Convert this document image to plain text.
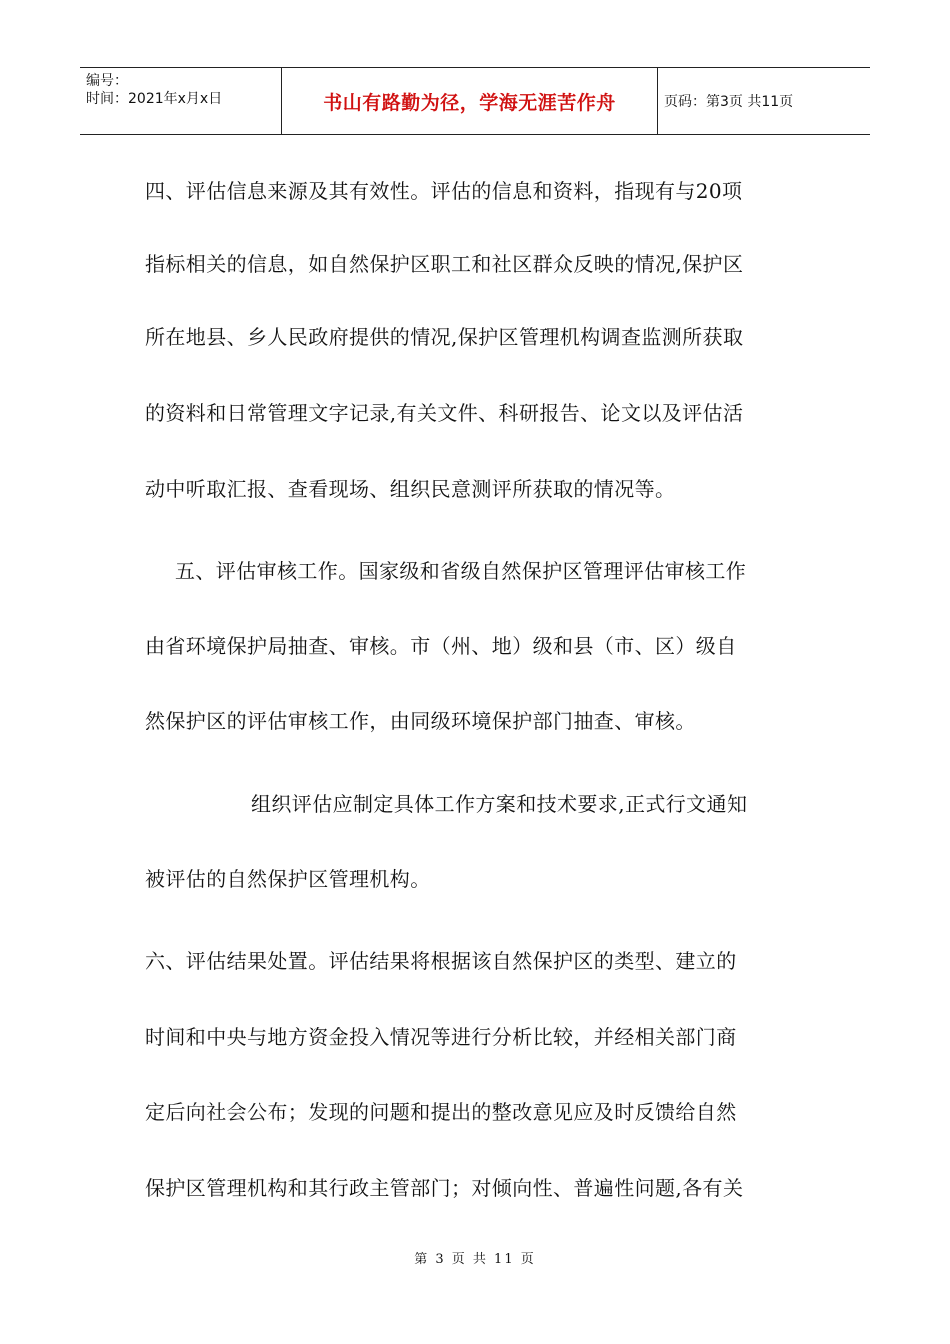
编号：
时间：2021年x月x日	书山有路勤为径，学海无涯苦作舟	页码：第3页 共11页
四、评估信息来源及其有效性。评估的信息和资料，指现有与20项
指标相关的信息，如自然保护区职工和社区群众反映的情况,保护区
所在地县、乡人民政府提供的情况,保护区管理机构调查监测所获取
的资料和日常管理文字记录,有关文件、科研报告、论文以及评估活
动中听取汇报、查看现场、组织民意测评所获取的情况等。
五、评估审核工作。国家级和省级自然保护区管理评估审核工作
由省环境保护局抽查、审核。市（州、地）级和县（市、区）级自
然保护区的评估审核工作，由同级环境保护部门抽查、审核。
组织评估应制定具体工作方案和技术要求,正式行文通知
被评估的自然保护区管理机构。
六、评估结果处置。评估结果将根据该自然保护区的类型、建立的
时间和中央与地方资金投入情况等进行分析比较，并经相关部门商
定后向社会公布；发现的问题和提出的整改意见应及时反馈给自然
保护区管理机构和其行政主管部门；对倾向性、普遍性问题,各有关
第 3 页 共 11 页
